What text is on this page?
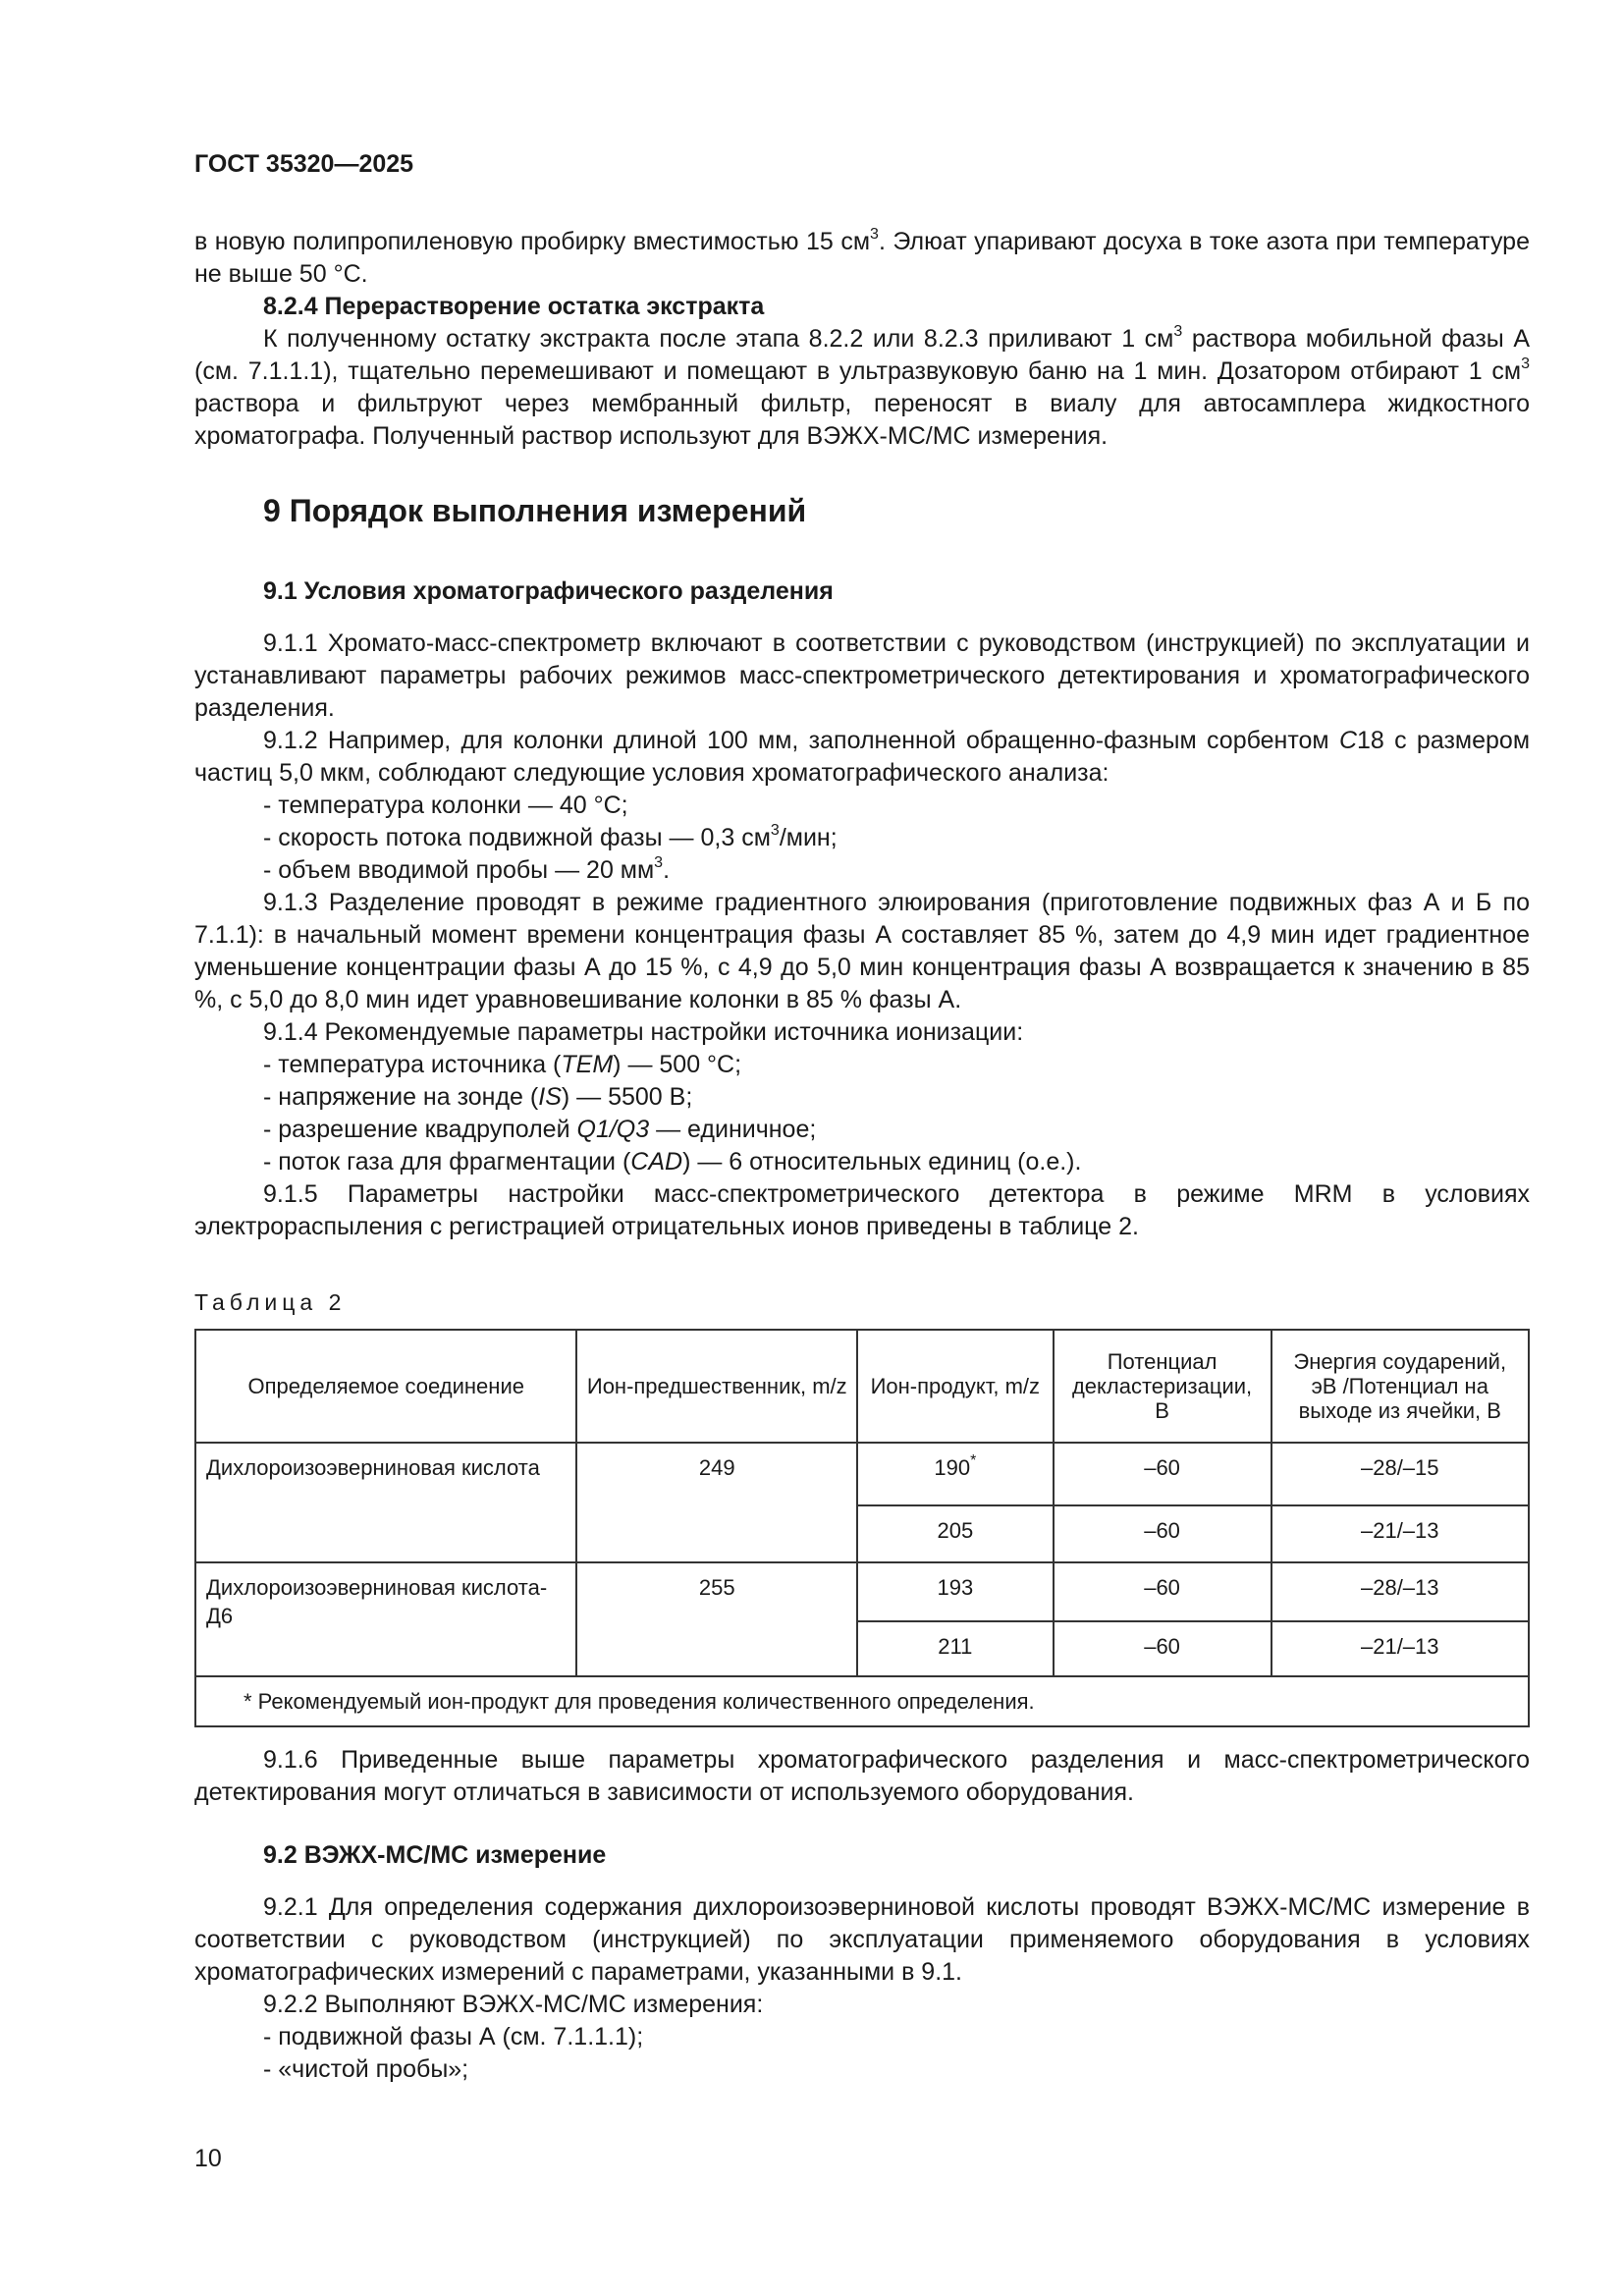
ГОСТ 35320—2025

в новую полипропиленовую пробирку вместимостью 15 $см^3$. Элюат упаривают досуха в токе азота при температуре не выше 50 °С.

8.2.4 Перерастворение остатка экстракта

К полученному остатку экстракта после этапа 8.2.2 или 8.2.3 приливают 1 $см^3$ раствора мобильной фазы А (см. 7.1.1.1), тщательно перемешивают и помещают в ультразвуковую баню на 1 мин. Дозатором отбирают 1 $см^3$ раствора и фильтруют через мембранный фильтр, переносят в виалу для автосамплера жидкостного хроматографа. Полученный раствор используют для ВЭЖХ-МС/МС измерения.

9 Порядок выполнения измерений

9.1 Условия хроматографического разделения

9.1.1 Хромато-масс-спектрометр включают в соответствии с руководством (инструкцией) по эксплуатации и устанавливают параметры рабочих режимов масс-спектрометрического детектирования и хроматографического разделения.

9.1.2 Например, для колонки длиной 100 мм, заполненной обращенно-фазным сорбентом С18 с размером частиц 5,0 мкм, соблюдают следующие условия хроматографического анализа:

- температура колонки — 40 °С;

- скорость потока подвижной фазы — 0,3 $см^3$/мин;

- объем вводимой пробы — 20 $мм^3$.

9.1.3 Разделение проводят в режиме градиентного элюирования (приготовление подвижных фаз А и Б по 7.1.1): в начальный момент времени концентрация фазы А составляет 85 %, затем до 4,9 мин идет градиентное уменьшение концентрации фазы А до 15 %, с 4,9 до 5,0 мин концентрация фазы А возвращается к значению в 85 %, с 5,0 до 8,0 мин идет уравновешивание колонки в 85 % фазы А.

9.1.4 Рекомендуемые параметры настройки источника ионизации:

- температура источника (TEM) — 500 °С;

- напряжение на зонде (IS) — 5500 В;

- разрешение квадруполей Q1/Q3 — единичное;

- поток газа для фрагментации (CAD) — 6 относительных единиц (о.е.).

9.1.5 Параметры настройки масс-спектрометрического детектора в режиме MRM в условиях электрораспыления с регистрацией отрицательных ионов приведены в таблице 2.

Таблица 2
Определяемое соединение	Ион-предшественник, m/z	Ион-продукт, m/z	Потенциал декластеризации, В	Энергия соударений, эВ /Потенциал на выходе из ячейки, В
Дихлороизоэверниновая кислота	249	190*	–60	–28/–15
		205	–60	–21/–13
Дихлороизоэверниновая кислота-Д6	255	193	–60	–28/–13
		211	–60	–21/–13
* Рекомендуемый ион-продукт для проведения количественного определения.				

9.1.6 Приведенные выше параметры хроматографического разделения и масс-спектрометрического детектирования могут отличаться в зависимости от используемого оборудования.

9.2 ВЭЖХ-МС/МС измерение

9.2.1 Для определения содержания дихлороизоэверниновой кислоты проводят ВЭЖХ-МС/МС измерение в соответствии с руководством (инструкцией) по эксплуатации применяемого оборудования в условиях хроматографических измерений с параметрами, указанными в 9.1.

9.2.2 Выполняют ВЭЖХ-МС/МС измерения:

- подвижной фазы А (см. 7.1.1.1);

- «чистой пробы»;

10
